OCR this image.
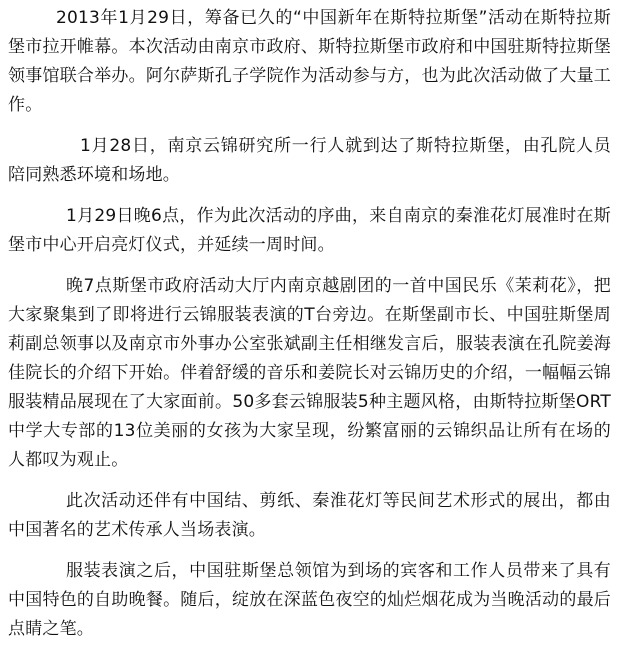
2013年1月29日，筹备已久的“中国新年在斯特拉斯堡”活动在斯特拉斯堡市拉开帷幕。本次活动由南京市政府、斯特拉斯堡市政府和中国驻斯特拉斯堡领事馆联合举办。阿尔萨斯孔子学院作为活动参与方，也为此次活动做了大量工作。

1月28日，南京云锦研究所一行人就到达了斯特拉斯堡，由孔院人员陪同熟悉环境和场地。

1月29日晚6点，作为此次活动的序曲，来自南京的秦淮花灯展准时在斯堡市中心开启亮灯仪式，并延续一周时间。

晚7点斯堡市政府活动大厅内南京越剧团的一首中国民乐《茉莉花》，把大家聚集到了即将进行云锦服装表演的T台旁边。在斯堡副市长、中国驻斯堡周莉副总领事以及南京市外事办公室张斌副主任相继发言后，服装表演在孔院姜海佳院长的介绍下开始。伴着舒缓的音乐和姜院长对云锦历史的介绍，一幅幅云锦服装精品展现在了大家面前。50多套云锦服装5种主题风格，由斯特拉斯堡ORT中学大专部的13位美丽的女孩为大家呈现，纷繁富丽的云锦织品让所有在场的人都叹为观止。

此次活动还伴有中国结、剪纸、秦淮花灯等民间艺术形式的展出，都由中国著名的艺术传承人当场表演。

服装表演之后，中国驻斯堡总领馆为到场的宾客和工作人员带来了具有中国特色的自助晚餐。随后，绽放在深蓝色夜空的灿烂烟花成为当晚活动的最后点睛之笔。
